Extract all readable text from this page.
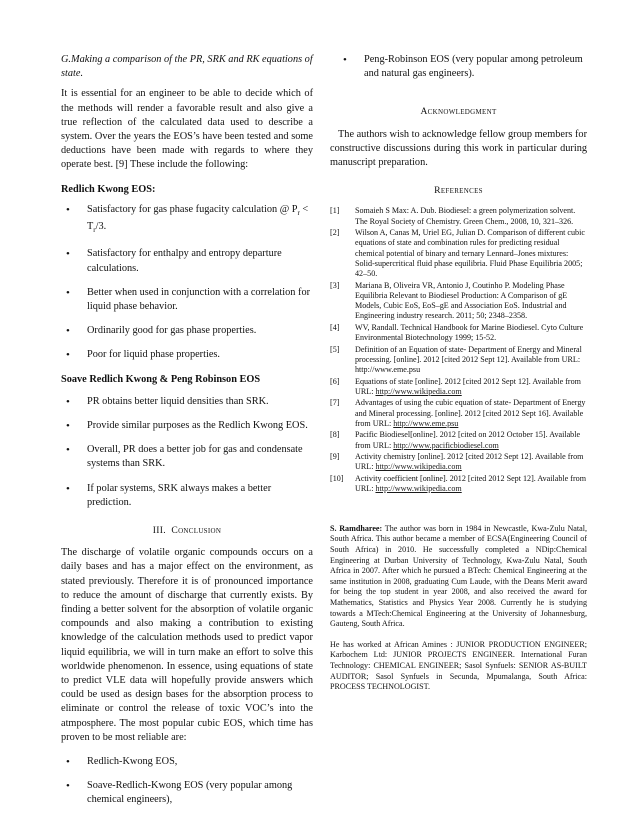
G.Making a comparison of the PR, SRK and RK equations of state.

It is essential for an engineer to be able to decide which of the methods will render a favorable result and also give a true reflection of the calculated data used to describe a system. Over the years the EOS’s have been tested and some deductions have been made with regards to where they operate best. [9] These include the following:

Redlich Kwong EOS:

• Satisfactory for gas phase fugacity calculation @ $P_r < T_r/3$.
• Satisfactory for enthalpy and entropy departure calculations.
• Better when used in conjunction with a correlation for liquid phase behavior.
• Ordinarily good for gas phase properties.
• Poor for liquid phase properties.

Soave Redlich Kwong & Peng Robinson EOS

• PR obtains better liquid densities than SRK.
• Provide similar purposes as the Redlich Kwong EOS.
• Overall, PR does a better job for gas and condensate systems than SRK.
• If polar systems, SRK always makes a better prediction.

III. Conclusion

The discharge of volatile organic compounds occurs on a daily bases and has a major effect on the environment, as stated previously. Therefore it is of pronounced importance to reduce the amount of discharge that currently exists. By finding a better solvent for the absorption of volatile organic compounds and also making a contribution to existing knowledge of the calculation methods used to predict vapor liquid equilibria, we will in turn make an effort to solve this worldwide phenomenon. In essence, using equations of state to predict VLE data will hopefully provide answers which could be used as design bases for the absorption process to eliminate or control the release of toxic VOC’s into the atmposphere. The most popular cubic EOS, which time has proven to be most reliable are:

• Redlich-Kwong EOS,
• Soave-Redlich-Kwong EOS (very popular among chemical engineers),
• Peng-Robinson EOS (very popular among petroleum and natural gas engineers).

Acknowledgment

The authors wish to acknowledge fellow group members for constructive discussions during this work in particular during manuscript preparation.

References

[1] Somaieh S Max: A. Dub. Biodiesel: a green polymerization solvent. The Royal Society of Chemistry. Green Chem., 2008, 10, 321–326.
[2] Wilson A, Canas M, Uriel EG, Julian D. Comparison of different cubic equations of state and combination rules for predicting residual chemical potential of binary and ternary Lennard–Jones mixtures: Solid-supercritical fluid phase equilibria. Fluid Phase Equilibria 2005; 42–50.
[3] Mariana B, Oliveira VR, Antonio J, Coutinho P. Modeling Phase Equilibria Relevant to Biodiesel Production: A Comparison of gE Models, Cubic EoS, EoS–gE and Association EoS. Industrial and Engineering industry research. 2011; 50; 2348–2358.
[4] WV, Randall. Technical Handbook for Marine Biodiesel. Cyto Culture Environmental Biotechnology 1999; 15-52.
[5] Definition of an Equation of state- Department of Energy and Mineral processing. [online]. 2012 [cited 2012 Sept 12]. Available from URL: http://www.eme.psu
[6] Equations of state [online]. 2012 [cited 2012 Sept 12]. Available from URL: http://www.wikipedia.com
[7] Advantages of using the cubic equation of state- Department of Energy and Mineral processing. [online]. 2012 [cited 2012 Sept 16]. Available from URL: http://www.eme.psu
[8] Pacific Biodiesel[online]. 2012 [cited on 2012 October 15]. Available from URL: http://www.pacificbiodiesel.com
[9] Activity chemistry [online]. 2012 [cited 2012 Sept 12]. Available from URL: http://www.wikipedia.com
[10] Activity coefficient [online]. 2012 [cited 2012 Sept 12]. Available from URL: http://www.wikipedia.com

S. Ramdharee: The author was born in 1984 in Newcastle, Kwa-Zulu Natal, South Africa. This author became a member of ECSA(Engineering Council of South Africa) in 2010. He successfully completed a NDip:Chemical Engineering at Durban University of Technology, Kwa-Zulu Natal, South Africa in 2007. After which he pursued a BTech: Chemical Engineering at the same institution in 2008, graduating Cum Laude, with the Deans Merit award for being the top student in year 2008, and also received the award for Mathematics, Statistics and Physics Year 2008. Currently he is studying towards a MTech:Chemical Engineering at the University of Johannesburg, Gauteng, South Africa.

He has worked at African Amines : JUNIOR PRODUCTION ENGINEER; Karbochem Ltd: JUNIOR PROJECTS ENGINEER. International Furan Technology: CHEMICAL ENGINEER; Sasol Synfuels: SENIOR AS-BUILT AUDITOR; Sasol Synfuels in Secunda, Mpumalanga, South Africa: PROCESS TECHNOLOGIST.
